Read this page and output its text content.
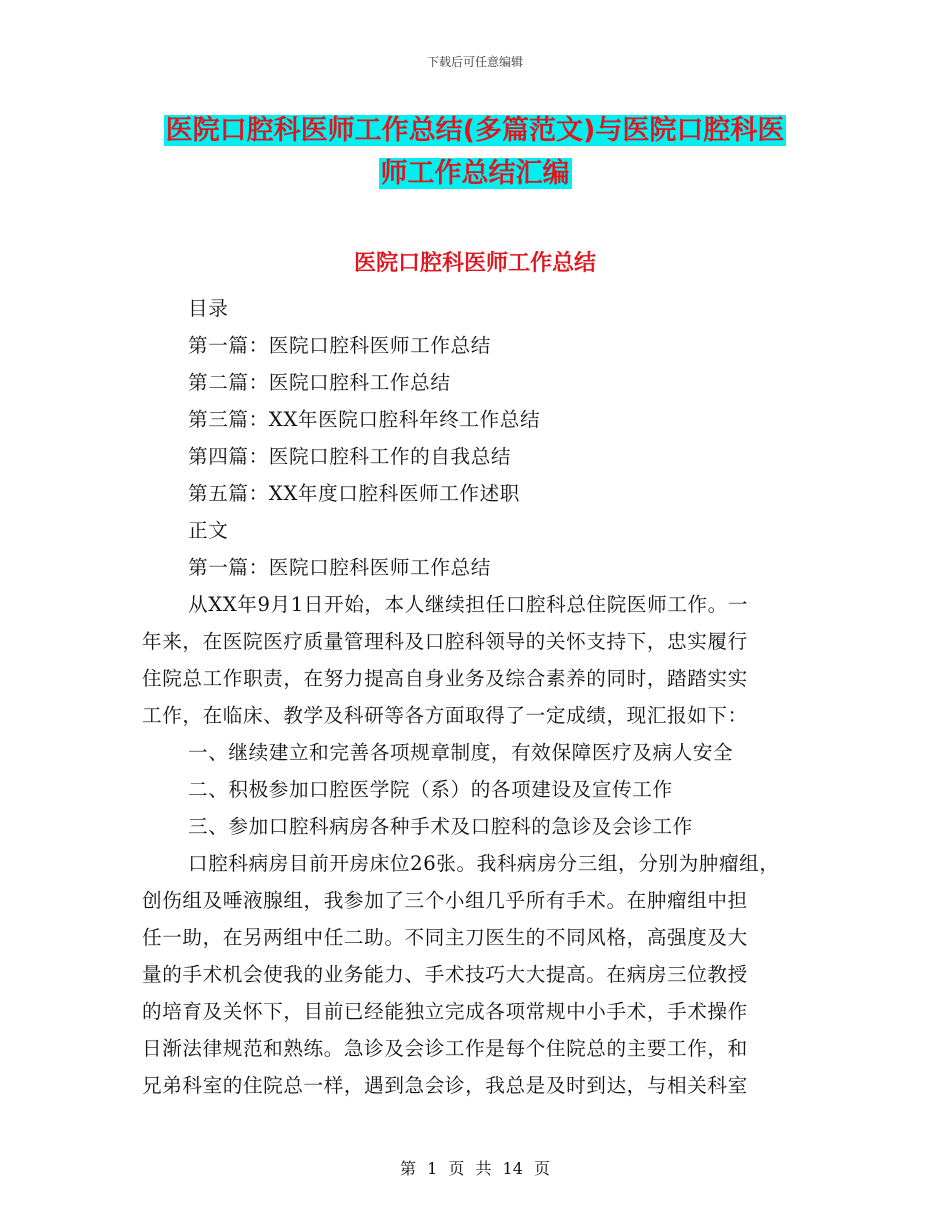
下载后可任意编辑
医院口腔科医师工作总结(多篇范文)与医院口腔科医
师工作总结汇编
医院口腔科医师工作总结
目录
第一篇：医院口腔科医师工作总结
第二篇：医院口腔科工作总结
第三篇：XX年医院口腔科年终工作总结
第四篇：医院口腔科工作的自我总结
第五篇：XX年度口腔科医师工作述职
正文
第一篇：医院口腔科医师工作总结
从XX年9月1日开始，本人继续担任口腔科总住院医师工作。一
年来，在医院医疗质量管理科及口腔科领导的关怀支持下，忠实履行
住院总工作职责，在努力提高自身业务及综合素养的同时，踏踏实实
工作，在临床、教学及科研等各方面取得了一定成绩，现汇报如下：
一、继续建立和完善各项规章制度，有效保障医疗及病人安全
二、积极参加口腔医学院（系）的各项建设及宣传工作
三、参加口腔科病房各种手术及口腔科的急诊及会诊工作
口腔科病房目前开房床位26张。我科病房分三组，分别为肿瘤组，
创伤组及唾液腺组，我参加了三个小组几乎所有手术。在肿瘤组中担
任一助，在另两组中任二助。不同主刀医生的不同风格，高强度及大
量的手术机会使我的业务能力、手术技巧大大提高。在病房三位教授
的培育及关怀下，目前已经能独立完成各项常规中小手术，手术操作
日渐法律规范和熟练。急诊及会诊工作是每个住院总的主要工作，和
兄弟科室的住院总一样，遇到急会诊，我总是及时到达，与相关科室
第 1 页 共 14 页
